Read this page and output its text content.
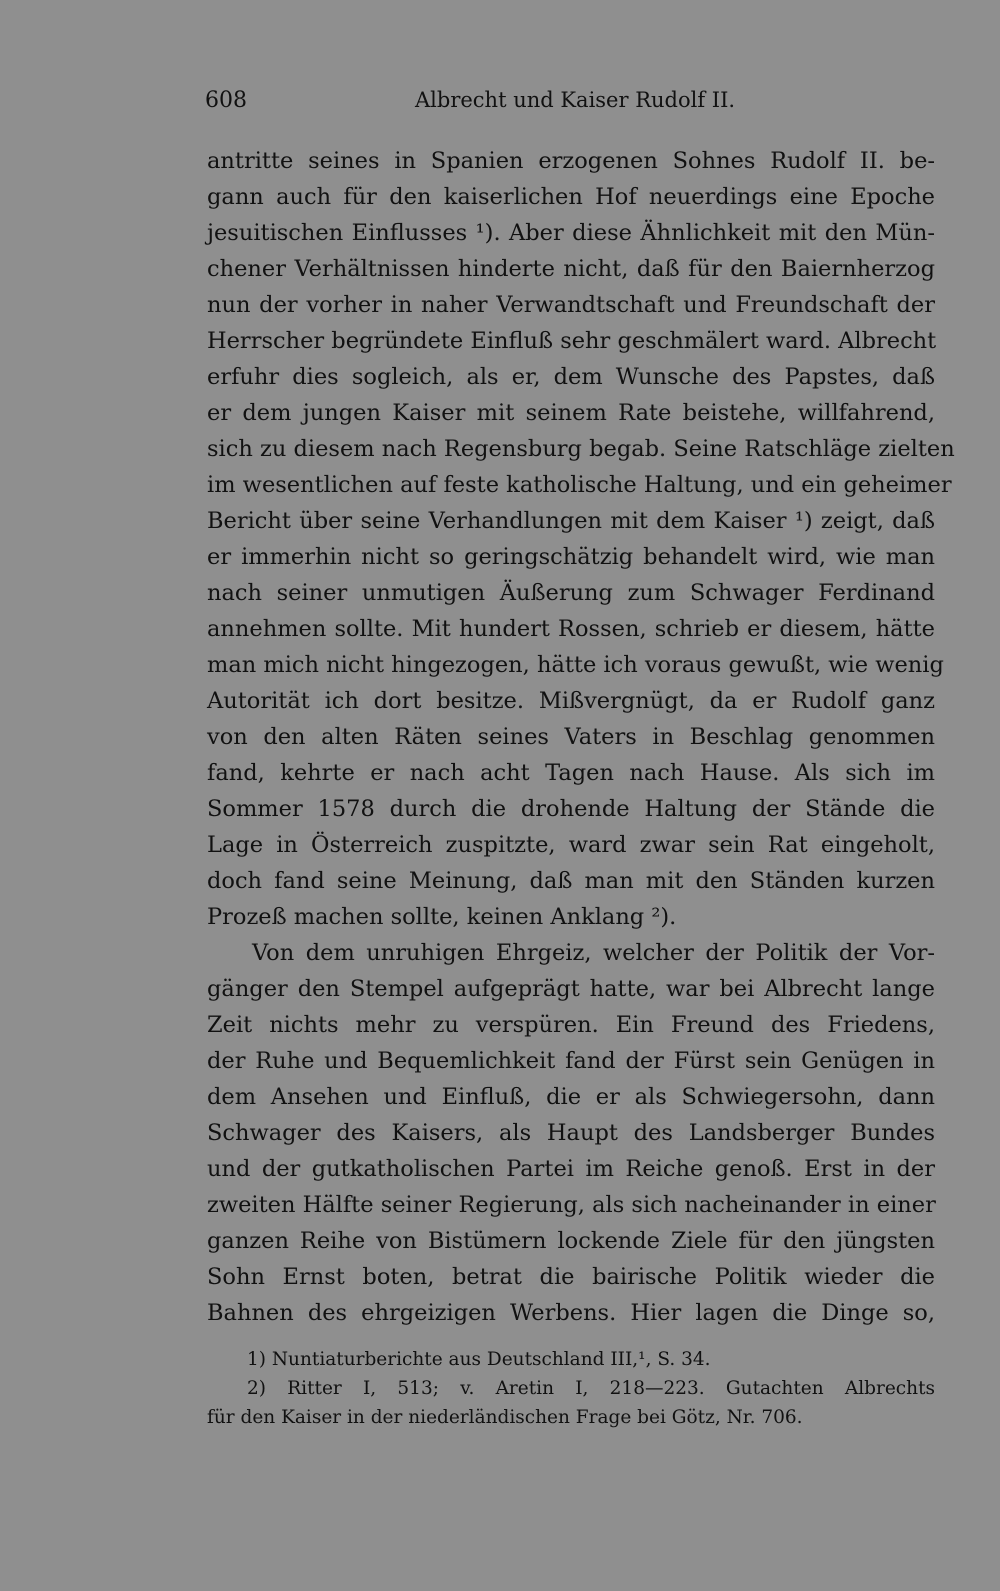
608	Albrecht und Kaiser Rudolf II.
antritte seines in Spanien erzogenen Sohnes Rudolf II. be-
gann auch für den kaiserlichen Hof neuerdings eine Epoche
jesuitischen Einflusses ¹). Aber diese Ähnlichkeit mit den Mün-
chener Verhältnissen hinderte nicht, daß für den Baiernherzog
nun der vorher in naher Verwandtschaft und Freundschaft der
Herrscher begründete Einfluß sehr geschmälert ward. Albrecht
erfuhr dies sogleich, als er, dem Wunsche des Papstes, daß
er dem jungen Kaiser mit seinem Rate beistehe, willfahrend,
sich zu diesem nach Regensburg begab. Seine Ratschläge zielten
im wesentlichen auf feste katholische Haltung, und ein geheimer
Bericht über seine Verhandlungen mit dem Kaiser ¹) zeigt, daß
er immerhin nicht so geringschätzig behandelt wird, wie man
nach seiner unmutigen Äußerung zum Schwager Ferdinand
annehmen sollte. Mit hundert Rossen, schrieb er diesem, hätte
man mich nicht hingezogen, hätte ich voraus gewußt, wie wenig
Autorität ich dort besitze. Mißvergnügt, da er Rudolf ganz
von den alten Räten seines Vaters in Beschlag genommen
fand, kehrte er nach acht Tagen nach Hause. Als sich im
Sommer 1578 durch die drohende Haltung der Stände die
Lage in Österreich zuspitzte, ward zwar sein Rat eingeholt,
doch fand seine Meinung, daß man mit den Ständen kurzen
Prozeß machen sollte, keinen Anklang ²).
Von dem unruhigen Ehrgeiz, welcher der Politik der Vor-
gänger den Stempel aufgeprägt hatte, war bei Albrecht lange
Zeit nichts mehr zu verspüren. Ein Freund des Friedens,
der Ruhe und Bequemlichkeit fand der Fürst sein Genügen in
dem Ansehen und Einfluß, die er als Schwiegersohn, dann
Schwager des Kaisers, als Haupt des Landsberger Bundes
und der gutkatholischen Partei im Reiche genoß. Erst in der
zweiten Hälfte seiner Regierung, als sich nacheinander in einer
ganzen Reihe von Bistümern lockende Ziele für den jüngsten
Sohn Ernst boten, betrat die bairische Politik wieder die
Bahnen des ehrgeizigen Werbens. Hier lagen die Dinge so,
1) Nuntiaturberichte aus Deutschland III,¹, S. 34.
2) Ritter I, 513; v. Aretin I, 218—223. Gutachten Albrechts
für den Kaiser in der niederländischen Frage bei Götz, Nr. 706.
